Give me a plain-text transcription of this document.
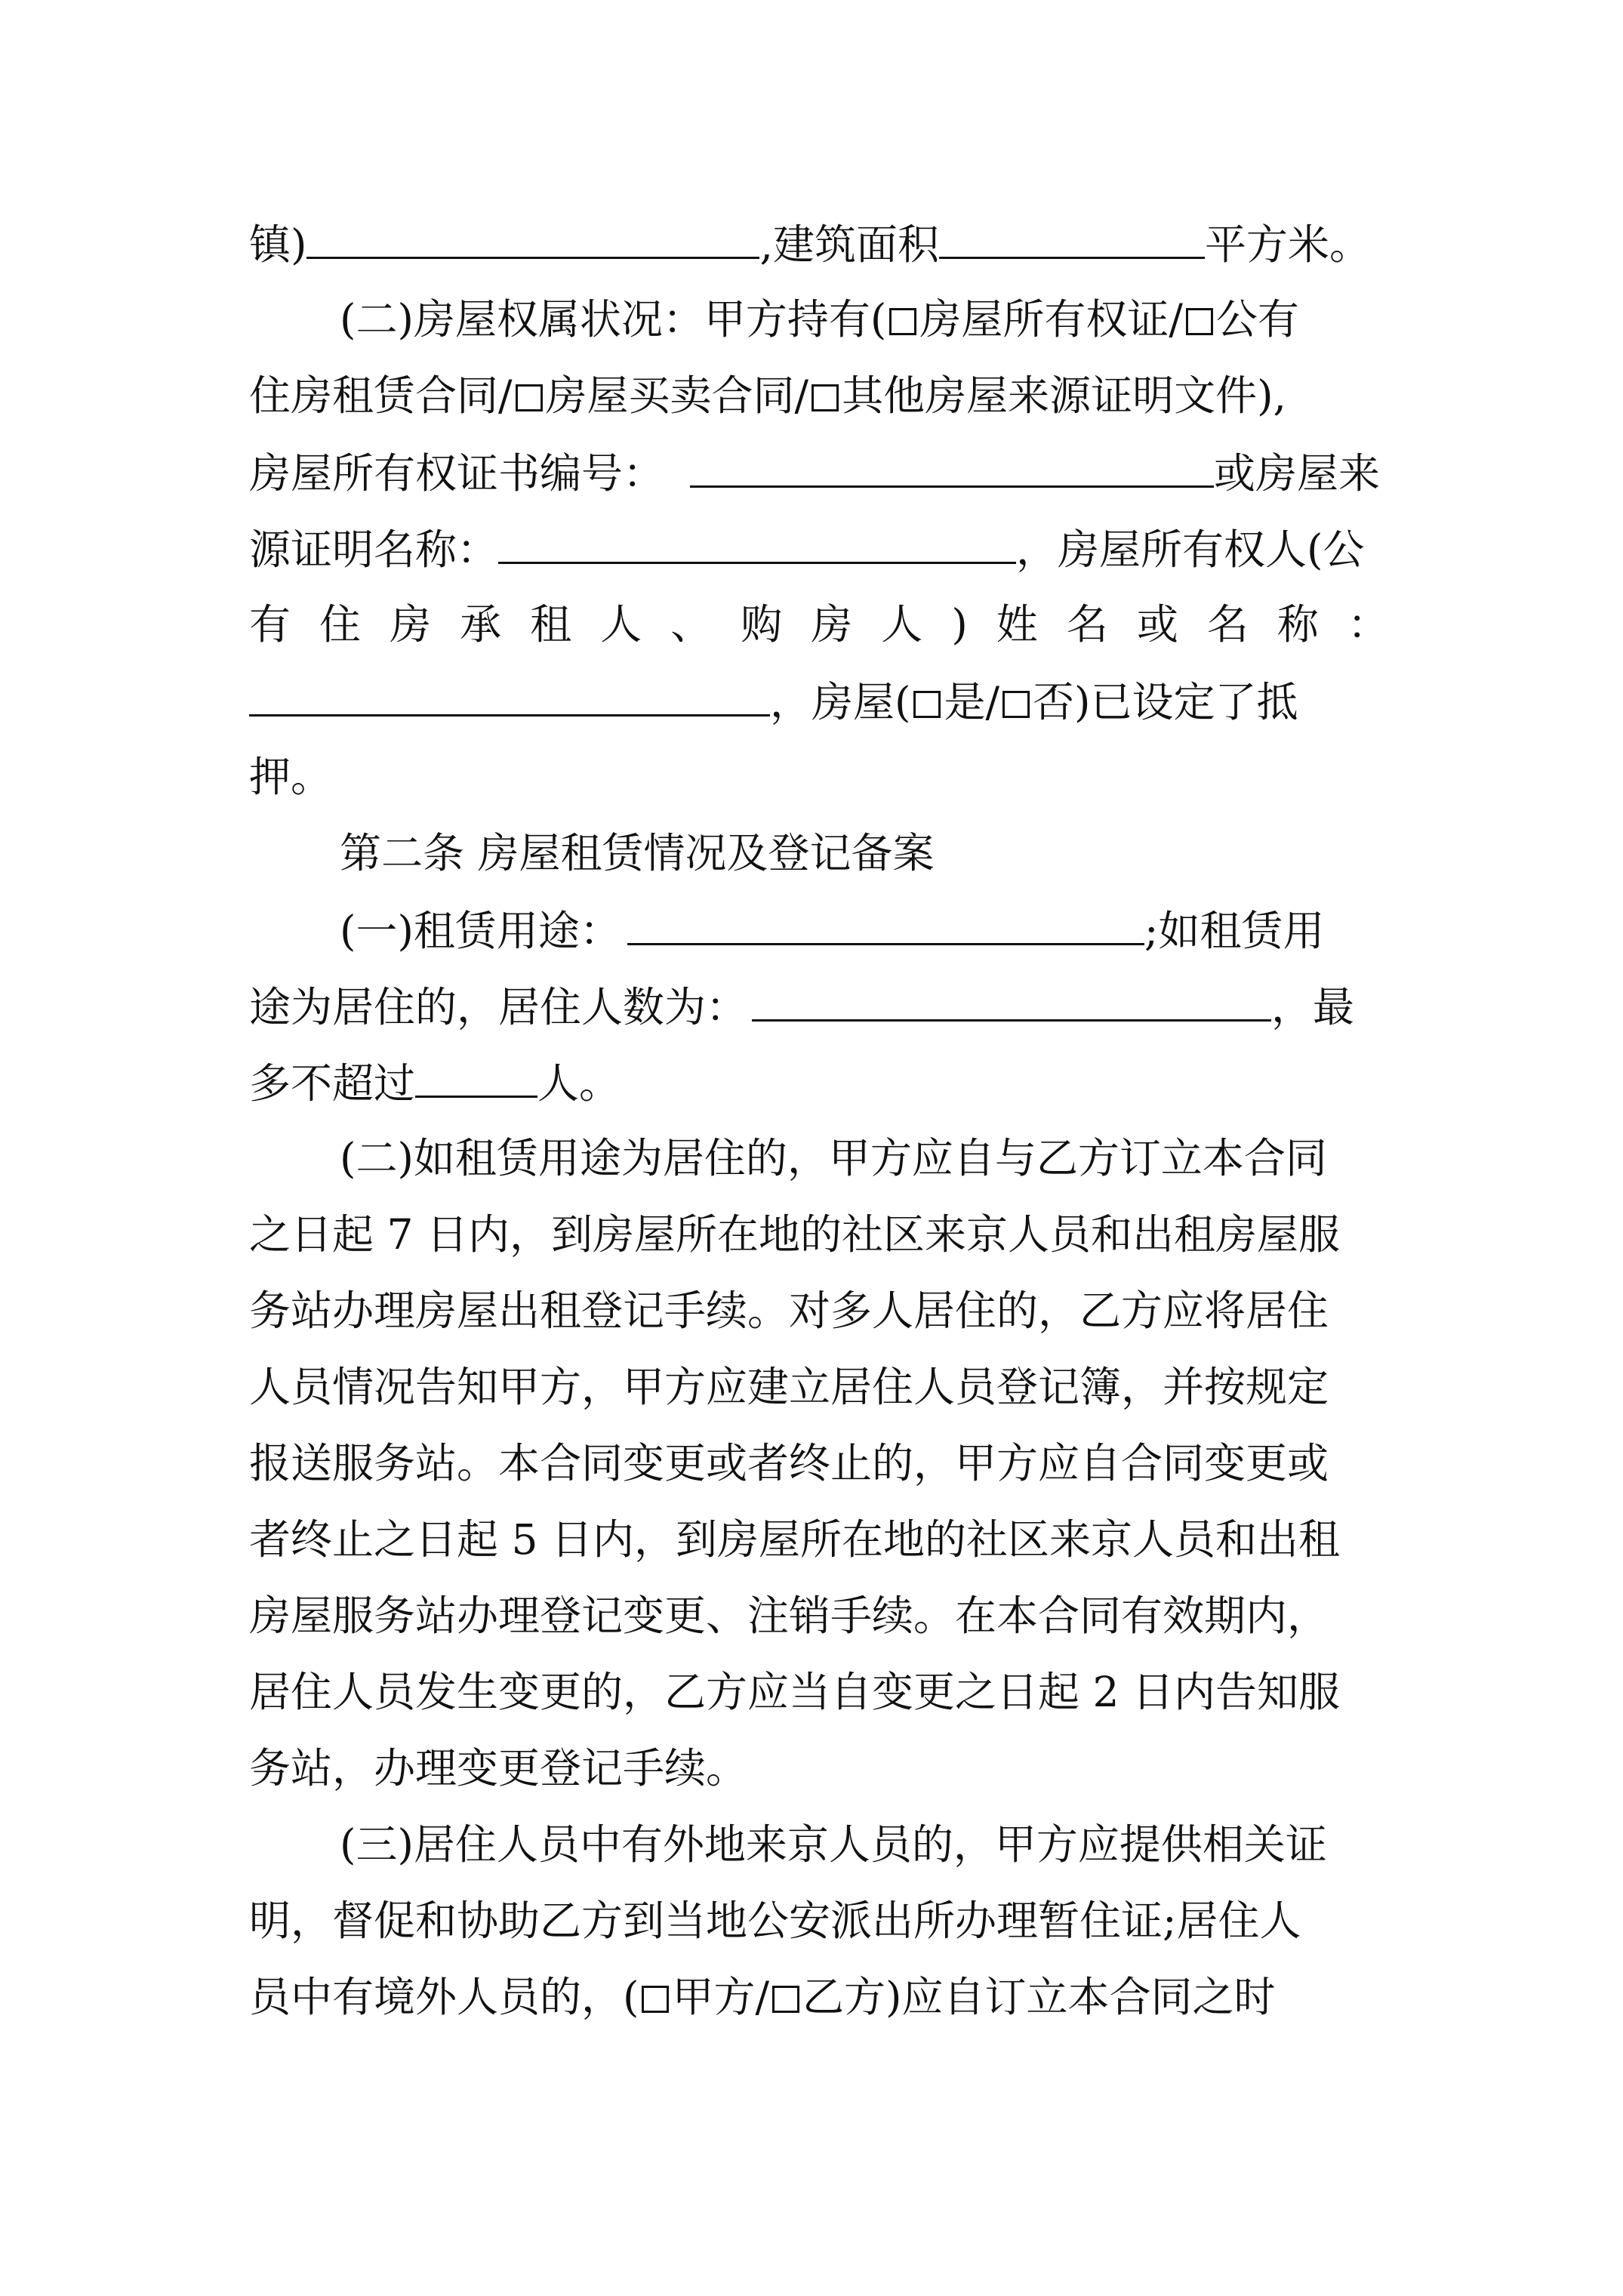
镇)	,建筑面积	平方米。
(二)房屋权属状况：甲方持有( 房屋所有权证/ 公有
住房租赁合同/ 房屋买卖合同/ 其他房屋来源证明文件),
房屋所有权证书编号：	或房屋来
源证明名称：	，房屋所有权人(公
有 住 房 承 租 人 、 购 房 人 ) 姓 名 或 名 称 ：
，房屋( 是/ 否)已设定了抵
押。
第二条 房屋租赁情况及登记备案
(一)租赁用途：	;如租赁用
途为居住的，居住人数为：	，最
多不超过	人。
(二)如租赁用途为居住的，甲方应自与乙方订立本合同
之日起 7 日内，到房屋所在地的社区来京人员和出租房屋服
务站办理房屋出租登记手续。对多人居住的，乙方应将居住
人员情况告知甲方，甲方应建立居住人员登记簿，并按规定
报送服务站。本合同变更或者终止的，甲方应自合同变更或
者终止之日起 5 日内，到房屋所在地的社区来京人员和出租
房屋服务站办理登记变更、注销手续。在本合同有效期内，
居住人员发生变更的，乙方应当自变更之日起 2 日内告知服
务站，办理变更登记手续。
(三)居住人员中有外地来京人员的，甲方应提供相关证
明，督促和协助乙方到当地公安派出所办理暂住证;居住人
员中有境外人员的，( 甲方/ 乙方)应自订立本合同之时
